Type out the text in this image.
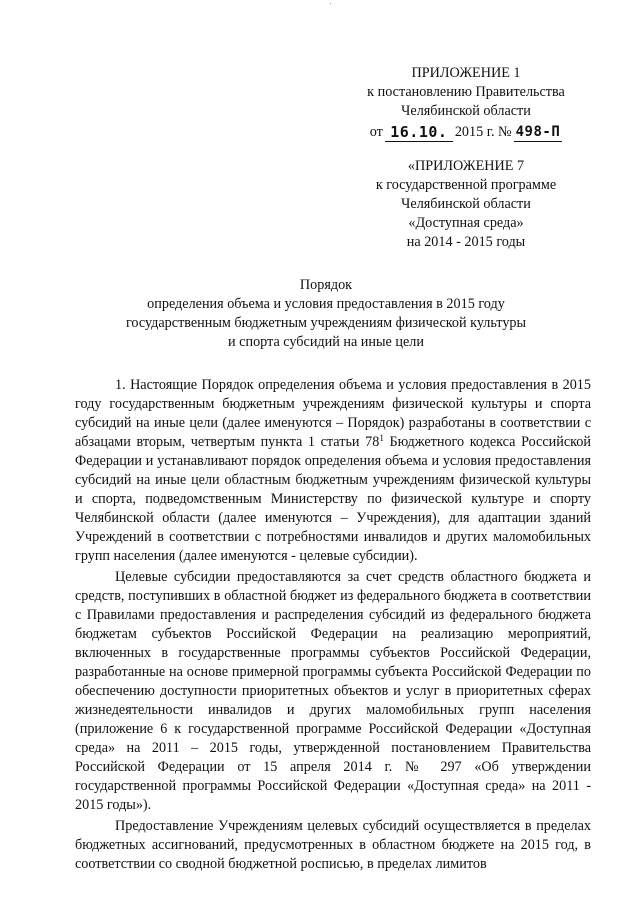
ПРИЛОЖЕНИЕ 1
к постановлению Правительства
Челябинской области
от 16.10. 2015 г. № 498-П
«ПРИЛОЖЕНИЕ 7
к государственной программе
Челябинской области
«Доступная среда»
на 2014 - 2015 годы
Порядок
определения объема и условия предоставления в 2015 году
государственным бюджетным учреждениям физической культуры
и спорта субсидий на иные цели

1. Настоящие Порядок определения объема и условия предоставления в 2015 году государственным бюджетным учреждениям физической культуры и спорта субсидий на иные цели (далее именуются – Порядок) разработаны в соответствии с абзацами вторым, четвертым пункта 1 статьи $78^1$ Бюджетного кодекса Российской Федерации и устанавливают порядок определения объема и условия предоставления субсидий на иные цели областным бюджетным учреждениям физической культуры и спорта, подведомственным Министерству по физической культуре и спорту Челябинской области (далее именуются – Учреждения), для адаптации зданий Учреждений в соответствии с потребностями инвалидов и других маломобильных групп населения (далее именуются - целевые субсидии).

Целевые субсидии предоставляются за счет средств областного бюджета и средств, поступивших в областной бюджет из федерального бюджета в соответствии с Правилами предоставления и распределения субсидий из федерального бюджета бюджетам субъектов Российской Федерации на реализацию мероприятий, включенных в государственные программы субъектов Российской Федерации, разработанные на основе примерной программы субъекта Российской Федерации по обеспечению доступности приоритетных объектов и услуг в приоритетных сферах жизнедеятельности инвалидов и других маломобильных групп населения (приложение 6 к государственной программе Российской Федерации «Доступная среда» на 2011 – 2015 годы, утвержденной постановлением Правительства Российской Федерации от 15 апреля 2014 г. № 297 «Об утверждении государственной программы Российской Федерации «Доступная среда» на 2011 - 2015 годы»).

Предоставление Учреждениям целевых субсидий осуществляется в пределах бюджетных ассигнований, предусмотренных в областном бюджете на 2015 год, в соответствии со сводной бюджетной росписью, в пределах лимитов
